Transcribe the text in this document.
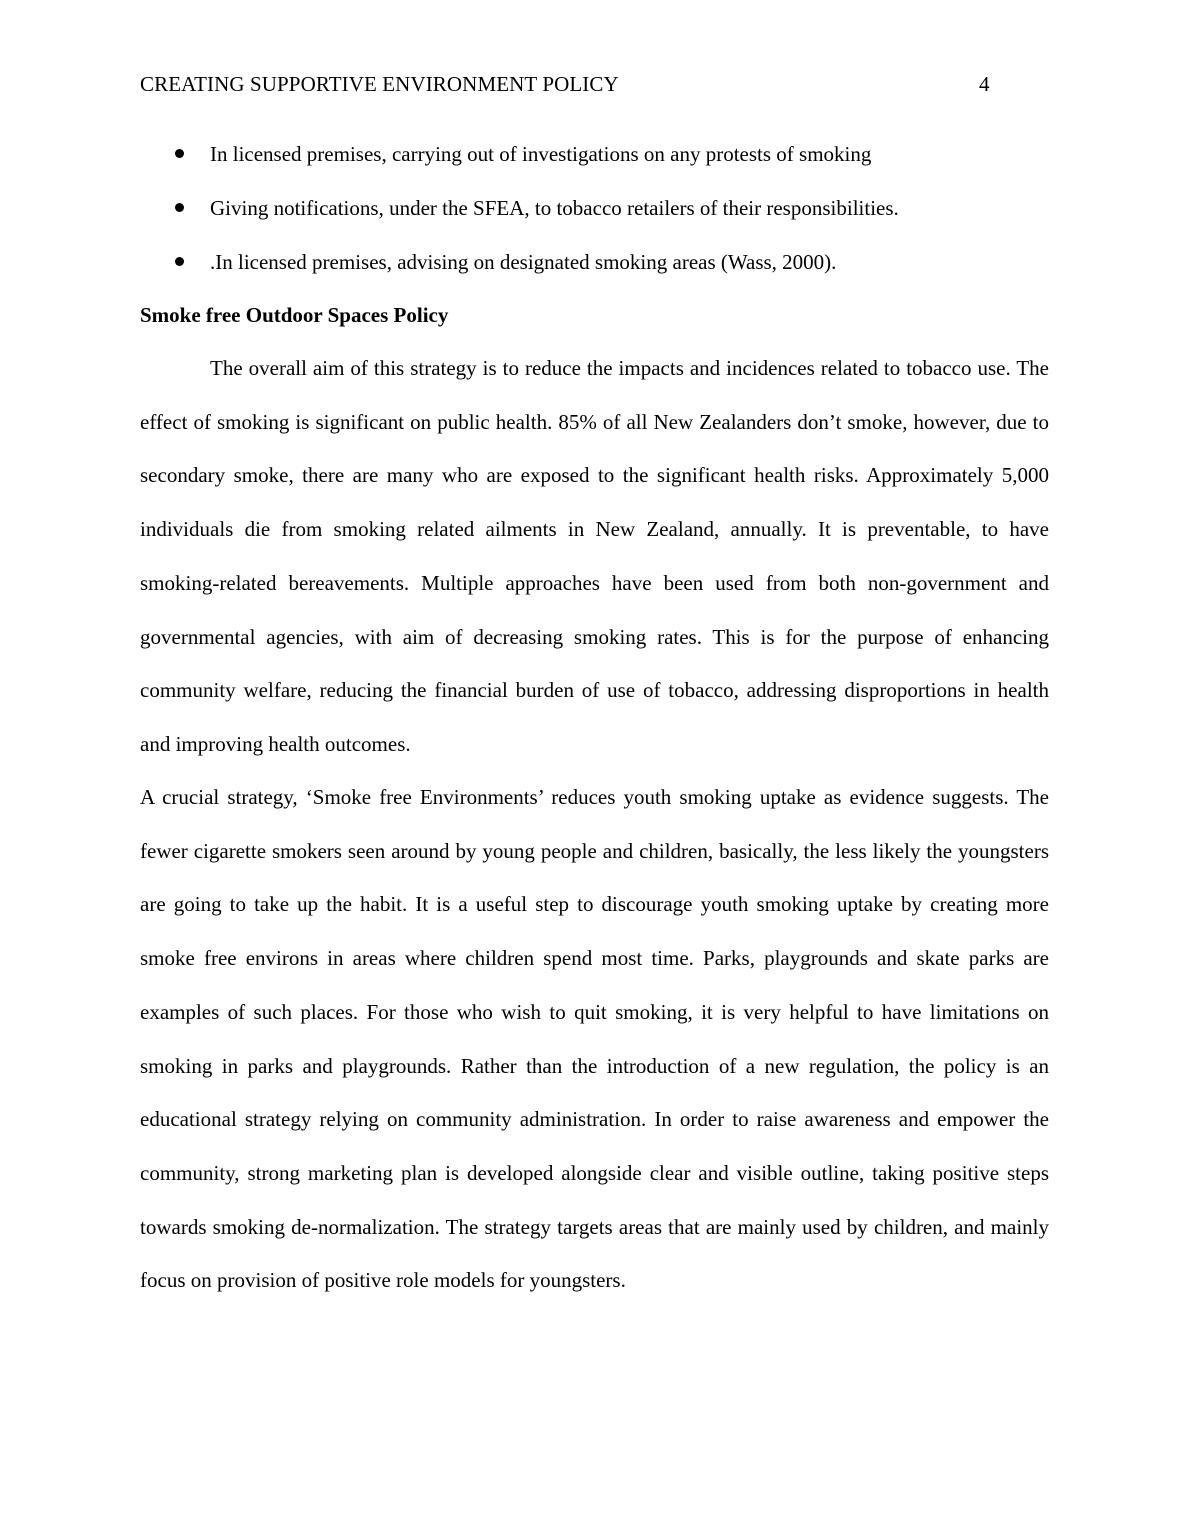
CREATING SUPPORTIVE ENVIRONMENT POLICY	4
In licensed premises, carrying out of investigations on any protests of smoking
Giving notifications, under the SFEA, to tobacco retailers of their responsibilities.
.In licensed premises, advising on designated smoking areas (Wass, 2000).
Smoke free Outdoor Spaces Policy

The overall aim of this strategy is to reduce the impacts and incidences related to tobacco use. The effect of smoking is significant on public health. 85% of all New Zealanders don’t smoke, however, due to secondary smoke, there are many who are exposed to the significant health risks. Approximately 5,000 individuals die from smoking related ailments in New Zealand, annually. It is preventable, to have smoking-related bereavements. Multiple approaches have been used from both non-government and governmental agencies, with aim of decreasing smoking rates. This is for the purpose of enhancing community welfare, reducing the financial burden of use of tobacco, addressing disproportions in health and improving health outcomes.

A crucial strategy, ‘Smoke free Environments’ reduces youth smoking uptake as evidence suggests. The fewer cigarette smokers seen around by young people and children, basically, the less likely the youngsters are going to take up the habit. It is a useful step to discourage youth smoking uptake by creating more smoke free environs in areas where children spend most time. Parks, playgrounds and skate parks are examples of such places. For those who wish to quit smoking, it is very helpful to have limitations on smoking in parks and playgrounds. Rather than the introduction of a new regulation, the policy is an educational strategy relying on community administration. In order to raise awareness and empower the community, strong marketing plan is developed alongside clear and visible outline, taking positive steps towards smoking de-normalization. The strategy targets areas that are mainly used by children, and mainly focus on provision of positive role models for youngsters.
